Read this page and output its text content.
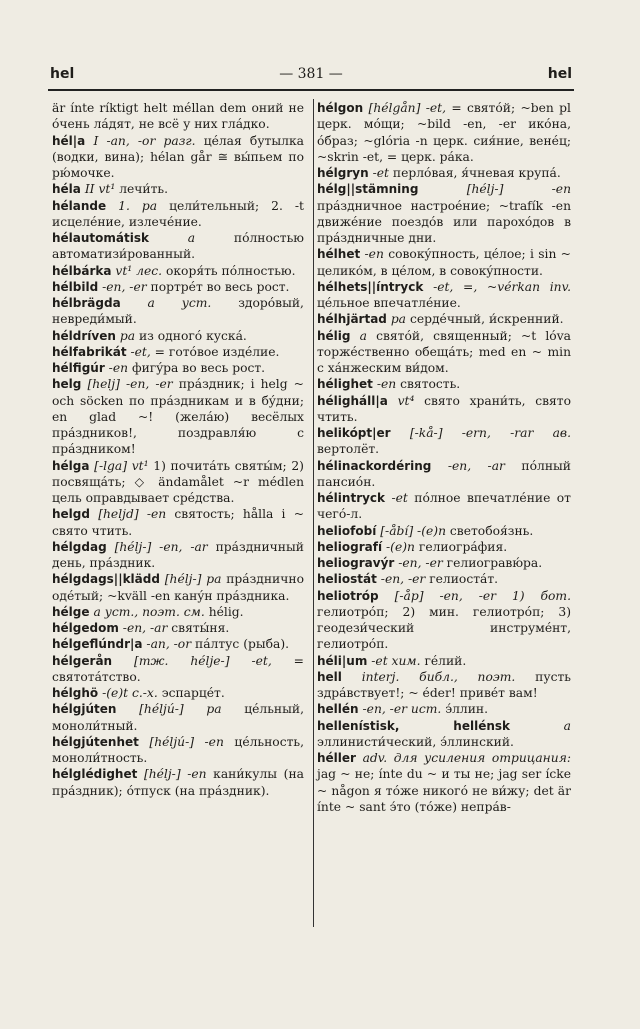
hel	— 381 —	hel

är ínte ríktigt helt méllan dem оний не óчень лáдят, не всё у них глáдко.

hél|a I -an, -or разг. цéлая бутылка (водки, вина); hélan går ≅ вы́пьем по рю́мочке.

héla II vt¹ лечи́ть.

hélande 1. pa цели́тельный; 2. -t исцелéние, излечéние.

hélautomátisk	a	пóлностью автоматизи́рованный.

hélbárka vt¹ лес. окоря́ть пóлностью.

hélbild -en, -er портрéт во весь рост.

hélbrägda a уст. здорóвый, невреди́мый.

héldríven pa из одногó кускá.

hélfabrikát -et, = готóвое издéлие.

hélfigúr -en фигýра во весь рост.

helg [helj] -en, -er прáздник; i helg ~ och söcken по прáздникам и в бýдни; en glad ~! (желáю) весёлых прáздников!, поздравля́ю с прáздником!

hélga [-lga] vt¹ 1) почитáть святы́м; 2) посвящáть; ◇ ändamålet ~r médlen цель оправдывает срéдства.

helgd [heljd] -en святость; hålla i ~ свято чтить.

hélgdag [hélj-] -en, -ar прáздничный день, прáздник.

hélgdags||klädd [hélj-] pa прáзднично одéтый; ~kväll -en канýн прáздника.

hélge a уст., поэт. см. hélig.

hélgedom -en, -ar святы́ня.

hélgeflúndr|a -an, -or пáлтус (рыба).

hélgerån [тж. hélje-] -et, = святотáтство.

hélghö -(e)t с.-х. эспарцéт.

hélgjúten [héljú-] pa цéльный, моноли́тный.

hélgjútenhet [héljú-] -en цéльность, моноли́тность.

hélglédighet [hélj-] -en кани́кулы (на прáздник); óтпуск (на прáздник).

hélgon [hélgån] -et, = святóй; ~ben pl церк. мóщи; ~bild -en, -er икóна, óбраз; ~glória -n церк. сия́ние, венéц; ~skrin -et, = церк. рáка.

hélgryn -et перлóвая, я́чневая крупá.

hélg||stämning	[hélj-] -en прáздничное настроéние; ~trafík -en движéние поездóв или парохóдов в прáздничные дни.

hélhet -en совокýпность, цéлое; i sin ~ целикóм, в цéлом, в совокýпности.

hélhets||íntryck -et, =, ~vérkan inv. цéльное впечатлéние.

hélhjärtad pa сердéчный, и́скренний.

hélig a святóй, священный; ~t lóva торжéственно обещáть; med en ~ min с хáнжеским ви́дом.

hélighet -en святость.

héligháll|a vt⁴ свято храни́ть, свято чтить.

helikópt|er [-kå-] -ern, -rar ав. вертолёт.

hélinackordéring -en, -ar пóлный пансиóн.

hélintryck -et пóлное впечатлéние от чегó-л.

heliofobí [-åbí] -(e)n светобоя́знь.

heliografí -(e)n гелиогрáфия.

heliogravýr -en, -er гелиогравю́ра.

heliostát -en, -er гелиостáт.

heliotróp [-åp] -en, -er 1) бот. гелиотрóп; 2) мин. гелиотрóп; 3) геодези́ческий инструмéнт, гелиотрóп.

héli|um -et хим. гéлий.

hell interj. библ., поэт. пусть здрáвствует!; ~ éder! привéт вам!

hellén -en, -er ист. э́ллин.

hellenístisk, hellénsk	a эллинисти́ческий, э́ллинский.

héller adv. для усиления отрицания: jag ~ не; ínte du ~ и ты не; jag ser ícke ~ någon я тóже никогó не ви́жу; det är ínte ~ sant э́то (тóже) непрáв-
